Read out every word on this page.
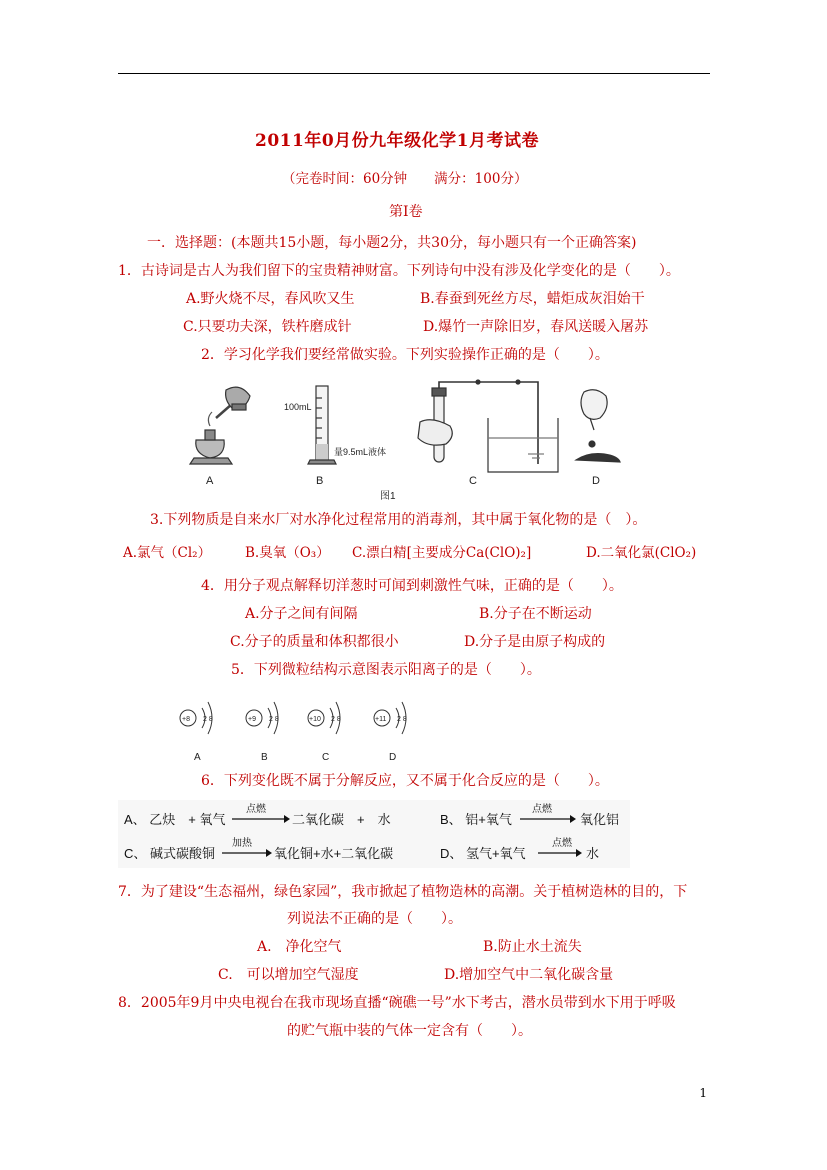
2011年0月份九年级化学1月考试卷
（完卷时间：60分钟　　满分：100分）
第Ⅰ卷
一．选择题：(本题共15小题，每小题2分，共30分，每小题只有一个正确答案)
1．古诗词是古人为我们留下的宝贵精神财富。下列诗句中没有涉及化学变化的是（　　）。
A.野火烧不尽，春风吹又生	B.春蚕到死丝方尽，蜡炬成灰泪始干
C.只要功夫深，铁杵磨成针	D.爆竹一声除旧岁，春风送暖入屠苏
2．学习化学我们要经常做实验。下列实验操作正确的是（　　）。
A
100mL
量9.5mL液体
B	C	D
图1
3.下列物质是自来水厂对水净化过程常用的消毒剂，其中属于氧化物的是（　）。
A.氯气（Cl₂）	B.臭氧（O₃） C.漂白精[主要成分Ca(ClO)₂]	D.二氧化氯(ClO₂)
4．用分子观点解释切洋葱时可闻到刺激性气味，正确的是（　　）。
A.分子之间有间隔	B.分子在不断运动
C.分子的质量和体积都很小	D.分子是由原子构成的
5．下列微粒结构示意图表示阳离子的是（　　）。
+8 2 8
A
+9 2 8
B
+10 2 8
C
+11 2 8
D
6．下列变化既不属于分解反应，又不属于化合反应的是（　　）。
A、 乙炔　+ 氧气
点燃
二氧化碳　+　水	B、 铝+氧气
点燃
氧化铝
C、 碱式碳酸铜
加热
氧化铜+水+二氧化碳	D、 氢气+氧气
点燃
水
7．为了建设“生态福州，绿色家园”，我市掀起了植物造林的高潮。关于植树造林的目的，下
列说法不正确的是（　　）。
A.　净化空气	B.防止水土流失
C.　可以增加空气湿度	D.增加空气中二氧化碳含量
8．2005年9月中央电视台在我市现场直播“碗礁一号”水下考古，潜水员带到水下用于呼吸
的贮气瓶中装的气体一定含有（　　）。
1
